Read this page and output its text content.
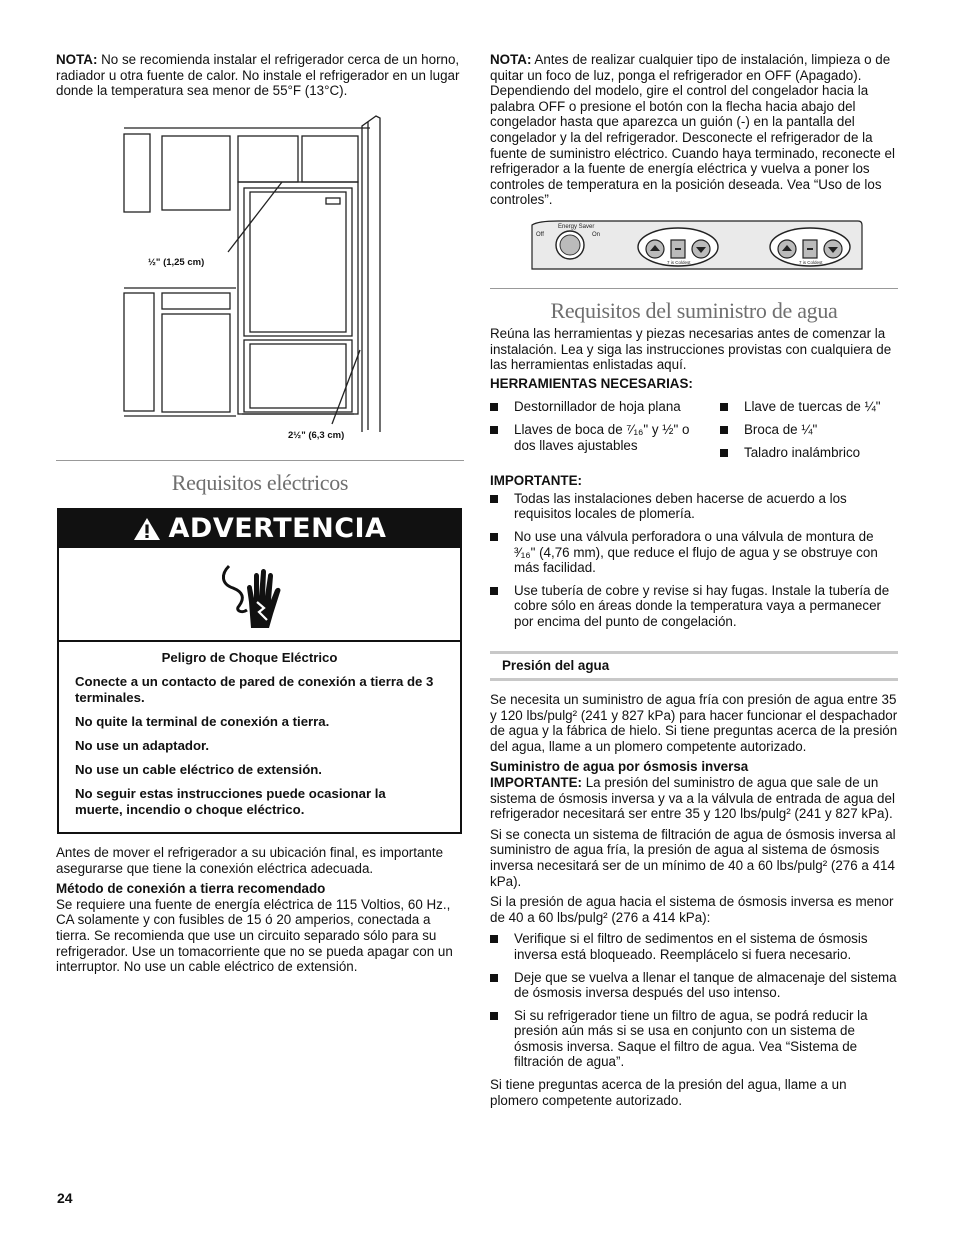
NOTA: No se recomienda instalar el refrigerador cerca de un horno, radiador u otra fuente de calor. No instale el refrigerador en un lugar donde la temperatura sea menor de 55°F (13°C).

½" (1,25 cm)
2½" (6,3 cm)
Requisitos eléctricos
ADVERTENCIA

Peligro de Choque Eléctrico

Conecte a un contacto de pared de conexión a tierra de 3 terminales.

No quite la terminal de conexión a tierra.

No use un adaptador.

No use un cable eléctrico de extensión.

No seguir estas instrucciones puede ocasionar la muerte, incendio o choque eléctrico.

Antes de mover el refrigerador a su ubicación final, es importante asegurarse que tiene la conexión eléctrica adecuada.

Método de conexión a tierra recomendado

Se requiere una fuente de energía eléctrica de 115 Voltios, 60 Hz., CA solamente y con fusibles de 15 ó 20 amperios, conectada a tierra. Se recomienda que use un circuito separado sólo para su refrigerador. Use un tomacorriente que no se pueda apagar con un interruptor. No use un cable eléctrico de extensión.

NOTA: Antes de realizar cualquier tipo de instalación, limpieza o de quitar un foco de luz, ponga el refrigerador en OFF (Apagado). Dependiendo del modelo, gire el control del congelador hacia la palabra OFF o presione el botón con la flecha hacia abajo del congelador hasta que aparezca un guión (-) en la pantalla del congelador y la del refrigerador. Desconecte el refrigerador de la fuente de suministro eléctrico. Cuando haya terminado, reconecte el refrigerador a la fuente de energía eléctrica y vuelva a poner los controles de temperatura en la posición deseada. Vea “Uso de los controles”.

Energy Saver
Off	On
7 is Coldest	7 is Coldest
Requisitos del suministro de agua

Reúna las herramientas y piezas necesarias antes de comenzar la instalación. Lea y siga las instrucciones provistas con cualquiera de las herramientas enlistadas aquí.

HERRAMIENTAS NECESARIAS:

Destornillador de hoja plana
Llaves de boca de ⁷⁄₁₆" y ½" o dos llaves ajustables
Llave de tuercas de ¼"
Broca de ¼"
Taladro inalámbrico

IMPORTANTE:

Todas las instalaciones deben hacerse de acuerdo a los requisitos locales de plomería.
No use una válvula perforadora o una válvula de montura de ³⁄₁₆" (4,76 mm), que reduce el flujo de agua y se obstruye con más facilidad.
Use tubería de cobre y revise si hay fugas. Instale la tubería de cobre sólo en áreas donde la temperatura vaya a permanecer por encima del punto de congelación.
Presión del agua

Se necesita un suministro de agua fría con presión de agua entre 35 y 120 lbs/pulg² (241 y 827 kPa) para hacer funcionar el despachador de agua y la fábrica de hielo. Si tiene preguntas acerca de la presión del agua, llame a un plomero competente autorizado.

Suministro de agua por ósmosis inversa

IMPORTANTE: La presión del suministro de agua que sale de un sistema de ósmosis inversa y va a la válvula de entrada de agua del refrigerador necesitará ser entre 35 y 120 lbs/pulg² (241 y 827 kPa).

Si se conecta un sistema de filtración de agua de ósmosis inversa al suministro de agua fría, la presión de agua al sistema de ósmosis inversa necesitará ser de un mínimo de 40 a 60 lbs/pulg² (276 a 414 kPa).

Si la presión de agua hacia el sistema de ósmosis inversa es menor de 40 a 60 lbs/pulg² (276 a 414 kPa):

Verifique si el filtro de sedimentos en el sistema de ósmosis inversa está bloqueado. Reemplácelo si fuera necesario.
Deje que se vuelva a llenar el tanque de almacenaje del sistema de ósmosis inversa después del uso intenso.
Si su refrigerador tiene un filtro de agua, se podrá reducir la presión aún más si se usa en conjunto con un sistema de ósmosis inversa. Saque el filtro de agua. Vea “Sistema de filtración de agua”.

Si tiene preguntas acerca de la presión del agua, llame a un plomero competente autorizado.

24
